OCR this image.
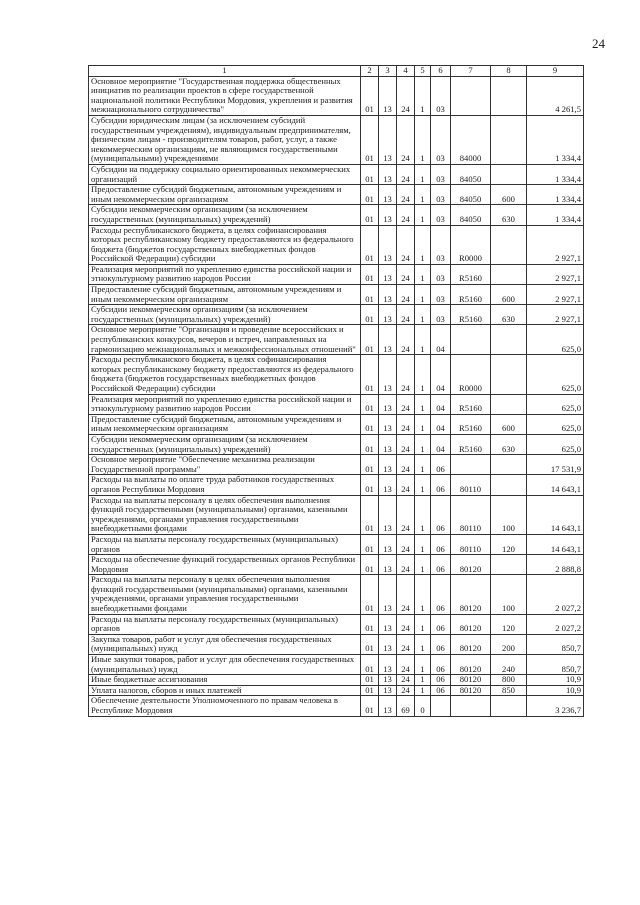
24
1	2	3	4	5	6	7	8	9
Основное мероприятие "Государственная поддержка общественных инициатив по реализации проектов в сфере государственной национальной политики Республики Мордовия, укрепления и развития межнационального сотрудничества"	01	13	24	1	03			4 261,5
Субсидии юридическим лицам (за исключением субсидий государственным учреждениям), индивидуальным предпринимателям, физическим лицам - производителям товаров, работ, услуг, а также некоммерческим организациям, не являющимся государственными (муниципальными) учреждениями	01	13	24	1	03	84000		1 334,4
Субсидии на поддержку социально ориентированных некоммерческих организаций	01	13	24	1	03	84050		1 334,4
Предоставление субсидий бюджетным, автономным учреждениям и иным некоммерческим организациям	01	13	24	1	03	84050	600	1 334,4
Субсидии некоммерческим организациям (за исключением государственных (муниципальных) учреждений)	01	13	24	1	03	84050	630	1 334,4
Расходы республиканского бюджета, в целях софинансирования которых республиканскому бюджету предоставляются из федерального бюджета (бюджетов государственных внебюджетных фондов Российской Федерации) субсидии	01	13	24	1	03	R0000		2 927,1
Реализация мероприятий по укреплению единства российской нации и этнокультурному развитию народов России	01	13	24	1	03	R5160		2 927,1
Предоставление субсидий бюджетным, автономным учреждениям и иным некоммерческим организациям	01	13	24	1	03	R5160	600	2 927,1
Субсидии некоммерческим организациям (за исключением государственных (муниципальных) учреждений)	01	13	24	1	03	R5160	630	2 927,1
Основное мероприятие "Организация и проведение всероссийских и республиканских конкурсов, вечеров и встреч, направленных на гармонизацию межнациональных и межконфессиональных отношений"	01	13	24	1	04			625,0
Расходы республиканского бюджета, в целях софинансирования которых республиканскому бюджету предоставляются из федерального бюджета (бюджетов государственных внебюджетных фондов Российской Федерации) субсидии	01	13	24	1	04	R0000		625,0
Реализация мероприятий по укреплению единства российской нации и этнокультурному развитию народов России	01	13	24	1	04	R5160		625,0
Предоставление субсидий бюджетным, автономным учреждениям и иным некоммерческим организациям	01	13	24	1	04	R5160	600	625,0
Субсидии некоммерческим организациям (за исключением государственных (муниципальных) учреждений)	01	13	24	1	04	R5160	630	625,0
Основное мероприятие "Обеспечение механизма реализации Государственной программы"	01	13	24	1	06			17 531,9
Расходы на выплаты по оплате труда работников государственных органов Республики Мордовия	01	13	24	1	06	80110		14 643,1
Расходы на выплаты персоналу в целях обеспечения выполнения функций государственными (муниципальными) органами, казенными учреждениями, органами управления государственными внебюджетными фондами	01	13	24	1	06	80110	100	14 643,1
Расходы на выплаты персоналу государственных (муниципальных) органов	01	13	24	1	06	80110	120	14 643,1
Расходы на обеспечение функций государственных органов Республики Мордовия	01	13	24	1	06	80120		2 888,8
Расходы на выплаты персоналу в целях обеспечения выполнения функций государственными (муниципальными) органами, казенными учреждениями, органами управления государственными внебюджетными фондами	01	13	24	1	06	80120	100	2 027,2
Расходы на выплаты персоналу государственных (муниципальных) органов	01	13	24	1	06	80120	120	2 027,2
Закупка товаров, работ и услуг для обеспечения государственных (муниципальных) нужд	01	13	24	1	06	80120	200	850,7
Иные закупки товаров, работ и услуг для обеспечения государственных (муниципальных) нужд	01	13	24	1	06	80120	240	850,7
Иные бюджетные ассигнования	01	13	24	1	06	80120	800	10,9
Уплата налогов, сборов и иных платежей	01	13	24	1	06	80120	850	10,9
Обеспечение деятельности Уполномоченного по правам человека в Республике Мордовия	01	13	69	0				3 236,7
